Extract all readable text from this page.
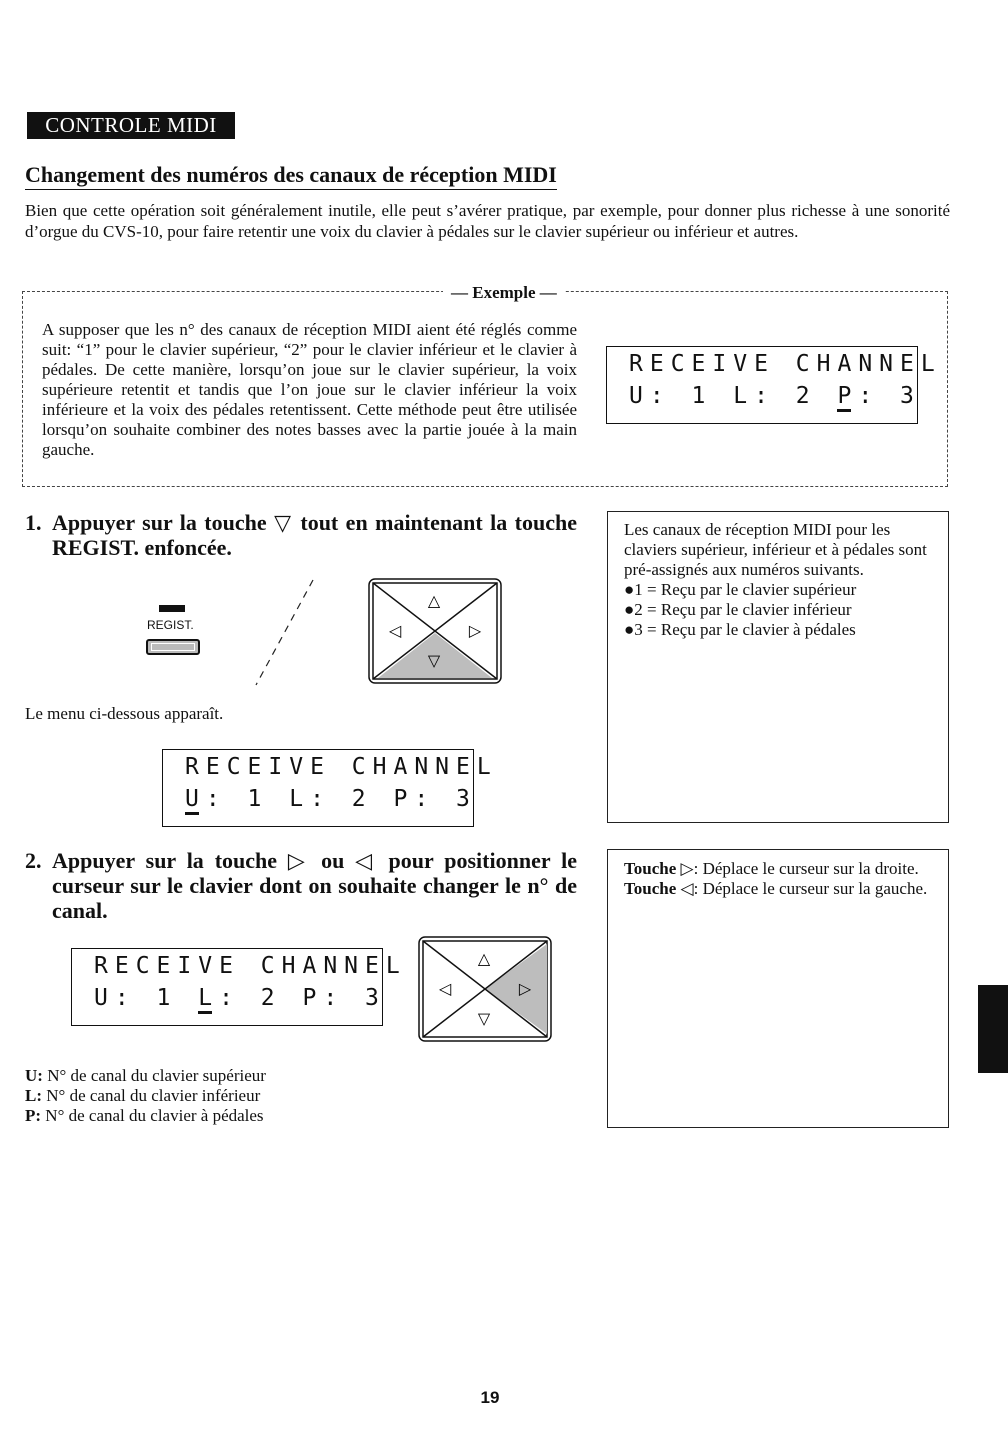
CONTROLE MIDI
Changement des numéros des canaux de réception MIDI
Bien que cette opération soit généralement inutile, elle peut s’avérer pratique, par exemple, pour donner plus richesse à une sonorité d’orgue du CVS-10, pour faire retentir une voix du clavier à pédales sur le clavier supérieur ou inférieur et autres.
— Exemple —
A supposer que les n° des canaux de réception MIDI aient été réglés comme suit: “1” pour le clavier supérieur, “2” pour le clavier inférieur et le clavier à pédales. De cette manière, lorsqu’on joue sur le clavier supérieur, la voix supérieure retentit et tandis que l’on joue sur le clavier inférieur la voix inférieure et la voix des pédales retentissent. Cette méthode peut être utilisée lorsqu’on souhaite combiner des notes basses avec la partie jouée à la main gauche.
RECEIVE CHANNEL
U: 1 L: 2 P: 3
1. Appuyer sur la touche ▽ tout en maintenant la touche REGIST. enfoncée.
REGIST.
△
◁	▷
▽
Le menu ci-dessous apparaît.
RECEIVE CHANNEL
U: 1 L: 2 P: 3
Les canaux de réception MIDI pour les claviers supérieur, inférieur et à pédales sont pré-assignés aux numéros suivants.
●1 = Reçu par le clavier supérieur
●2 = Reçu par le clavier inférieur
●3 = Reçu par le clavier à pédales
2. Appuyer sur la touche ▷ ou ◁ pour positionner le curseur sur le clavier dont on souhaite changer le n° de canal.
RECEIVE CHANNEL
U: 1 L: 2 P: 3
△
◁	▷
▽
U: N° de canal du clavier supérieur
L: N° de canal du clavier inférieur
P: N° de canal du clavier à pédales
Touche ▷: Déplace le curseur sur la droite.
Touche ◁: Déplace le curseur sur la gauche.
19
